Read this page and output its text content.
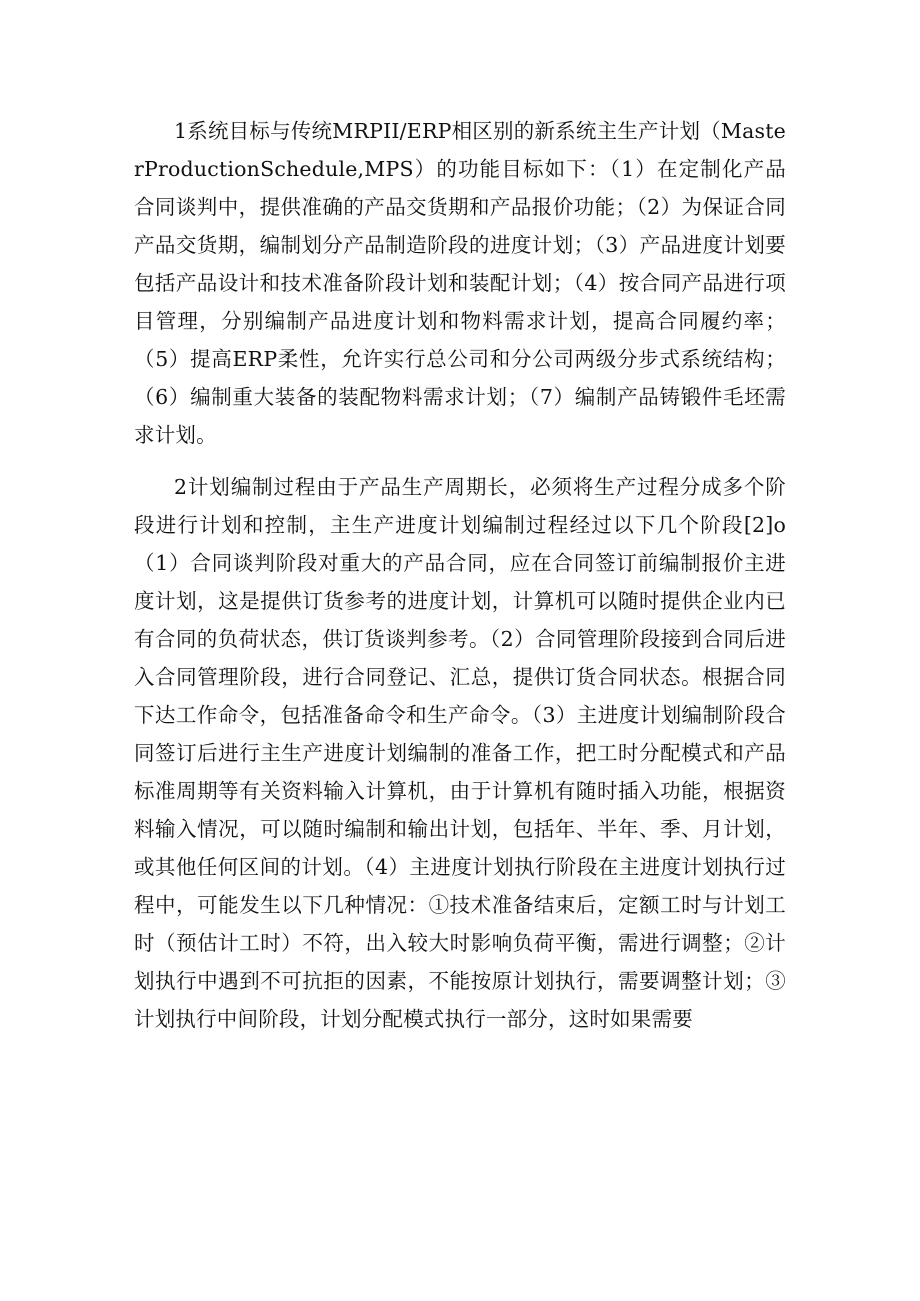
1系统目标与传统MRPII/ERP相区别的新系统主生产计划（MasterProductionSchedule,MPS）的功能目标如下：（1）在定制化产品合同谈判中，提供准确的产品交货期和产品报价功能；（2）为保证合同产品交货期，编制划分产品制造阶段的进度计划；（3）产品进度计划要包括产品设计和技术准备阶段计划和装配计划；（4）按合同产品进行项目管理，分别编制产品进度计划和物料需求计划，提高合同履约率；（5）提高ERP柔性，允许实行总公司和分公司两级分步式系统结构；（6）编制重大装备的装配物料需求计划；（7）编制产品铸锻件毛坯需求计划。

2计划编制过程由于产品生产周期长，必须将生产过程分成多个阶段进行计划和控制，主生产进度计划编制过程经过以下几个阶段[2]o（1）合同谈判阶段对重大的产品合同，应在合同签订前编制报价主进度计划，这是提供订货参考的进度计划，计算机可以随时提供企业内已有合同的负荷状态，供订货谈判参考。（2）合同管理阶段接到合同后进入合同管理阶段，进行合同登记、汇总，提供订货合同状态。根据合同下达工作命令，包括准备命令和生产命令。（3）主进度计划编制阶段合同签订后进行主生产进度计划编制的准备工作，把工时分配模式和产品标准周期等有关资料输入计算机，由于计算机有随时插入功能，根据资料输入情况，可以随时编制和输出计划，包括年、半年、季、月计划，或其他任何区间的计划。（4）主进度计划执行阶段在主进度计划执行过程中，可能发生以下几种情况：①技术准备结束后，定额工时与计划工时（预估计工时）不符，出入较大时影响负荷平衡，需进行调整；②计划执行中遇到不可抗拒的因素，不能按原计划执行，需要调整计划；③计划执行中间阶段，计划分配模式执行一部分，这时如果需要
